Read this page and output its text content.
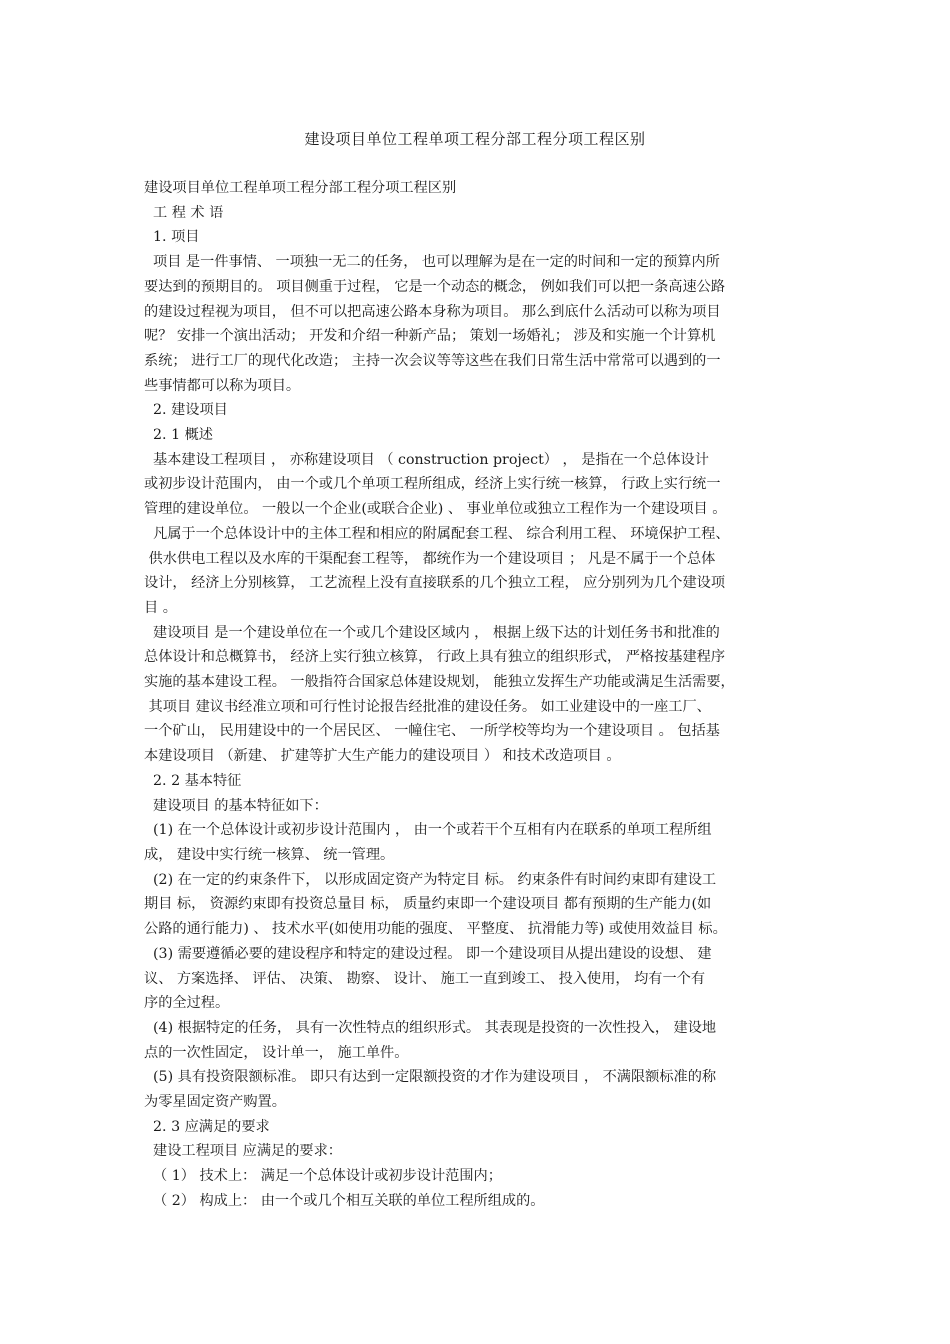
建设项目单位工程单项工程分部工程分项工程区别

建设项目单位工程单项工程分部工程分项工程区别

工 程 术 语

1. 项目

项目 是一件事情、 一项独一无二的任务， 也可以理解为是在一定的时间和一定的预算内所

要达到的预期目的。 项目侧重于过程， 它是一个动态的概念， 例如我们可以把一条高速公路

的建设过程视为项目， 但不可以把高速公路本身称为项目。 那么到底什么活动可以称为项目

呢？ 安排一个演出活动； 开发和介绍一种新产品； 策划一场婚礼； 涉及和实施一个计算机

系统； 进行工厂的现代化改造； 主持一次会议等等这些在我们日常生活中常常可以遇到的一

些事情都可以称为项目。

2. 建设项目

2. 1 概述

基本建设工程项目 ， 亦称建设项目 （ construction project） ， 是指在一个总体设计

或初步设计范围内， 由一个或几个单项工程所组成，经济上实行统一核算， 行政上实行统一

管理的建设单位。 一般以一个企业(或联合企业) 、 事业单位或独立工程作为一个建设项目 。

凡属于一个总体设计中的主体工程和相应的附属配套工程、 综合利用工程、 环境保护工程、

供水供电工程以及水库的干渠配套工程等， 都统作为一个建设项目 ； 凡是不属于一个总体

设计， 经济上分别核算， 工艺流程上没有直接联系的几个独立工程， 应分别列为几个建设项

目 。

建设项目 是一个建设单位在一个或几个建设区域内 ， 根据上级下达的计划任务书和批准的

总体设计和总概算书， 经济上实行独立核算， 行政上具有独立的组织形式， 严格按基建程序

实施的基本建设工程。 一般指符合国家总体建设规划， 能独立发挥生产功能或满足生活需要，

其项目 建议书经准立项和可行性讨论报告经批准的建设任务。 如工业建设中的一座工厂、

一个矿山， 民用建设中的一个居民区、 一幢住宅、 一所学校等均为一个建设项目 。 包括基

本建设项目 （新建、 扩建等扩大生产能力的建设项目 ） 和技术改造项目 。

2. 2 基本特征

建设项目 的基本特征如下：

(1) 在一个总体设计或初步设计范围内 ， 由一个或若干个互相有内在联系的单项工程所组

成， 建设中实行统一核算、 统一管理。

(2) 在一定的约束条件下， 以形成固定资产为特定目 标。 约束条件有时间约束即有建设工

期目 标， 资源约束即有投资总量目 标， 质量约束即一个建设项目 都有预期的生产能力(如

公路的通行能力) 、 技术水平(如使用功能的强度、 平整度、 抗滑能力等) 或使用效益目 标。

(3) 需要遵循必要的建设程序和特定的建设过程。 即一个建设项目从提出建设的设想、 建

议、 方案选择、 评估、 决策、 勘察、 设计、 施工一直到竣工、 投入使用， 均有一个有

序的全过程。

(4) 根据特定的任务， 具有一次性特点的组织形式。 其表现是投资的一次性投入， 建设地

点的一次性固定， 设计单一， 施工单件。

(5) 具有投资限额标准。 即只有达到一定限额投资的才作为建设项目 ， 不满限额标准的称

为零星固定资产购置。

2. 3 应满足的要求

建设工程项目 应满足的要求：

（ 1） 技术上： 满足一个总体设计或初步设计范围内；

（ 2） 构成上： 由一个或几个相互关联的单位工程所组成的。
